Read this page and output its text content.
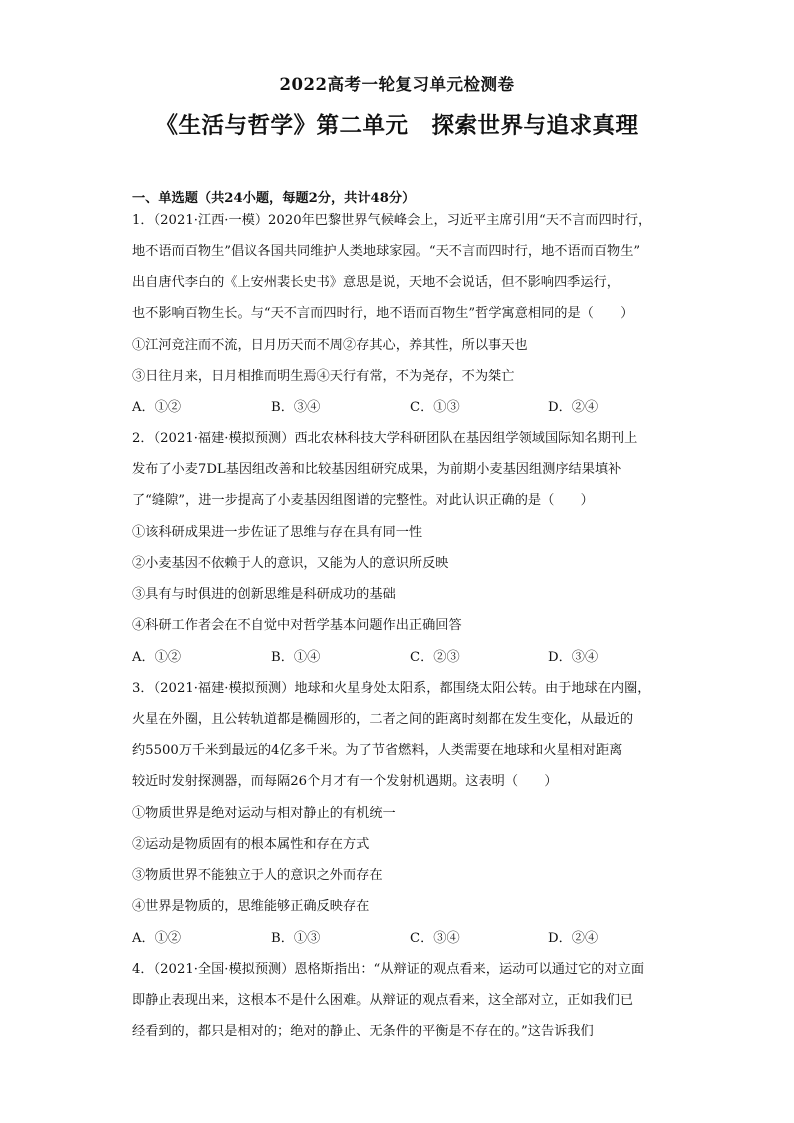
2022高考一轮复习单元检测卷
《生活与哲学》第二单元　探索世界与追求真理
一、单选题（共24小题，每题2分，共计48分）
1．（2021·江西·一模）2020年巴黎世界气候峰会上，习近平主席引用“天不言而四时行，
地不语而百物生”倡议各国共同维护人类地球家园。“天不言而四时行，地不语而百物生”
出自唐代李白的《上安州裴长史书》意思是说，天地不会说话，但不影响四季运行，
也不影响百物生长。与“天不言而四时行，地不语而百物生”哲学寓意相同的是（　　）
①江河竞注而不流，日月历天而不周②存其心，养其性，所以事天也
③日往月来，日月相推而明生焉④天行有常，不为尧存，不为桀亡
A．①②	B．③④	C．①③	D．②④
2．（2021·福建·模拟预测）西北农林科技大学科研团队在基因组学领域国际知名期刊上
发布了小麦7DL基因组改善和比较基因组研究成果，为前期小麦基因组测序结果填补
了“缝隙”，进一步提高了小麦基因组图谱的完整性。对此认识正确的是（　　）
①该科研成果进一步佐证了思维与存在具有同一性
②小麦基因不依赖于人的意识，又能为人的意识所反映
③具有与时俱进的创新思维是科研成功的基础
④科研工作者会在不自觉中对哲学基本问题作出正确回答
A．①②	B．①④	C．②③	D．③④
3．（2021·福建·模拟预测）地球和火星身处太阳系，都围绕太阳公转。由于地球在内圈，
火星在外圈，且公转轨道都是椭圆形的，二者之间的距离时刻都在发生变化，从最近的
约5500万千米到最远的4亿多千米。为了节省燃料，人类需要在地球和火星相对距离
较近时发射探测器，而每隔26个月才有一个发射机遇期。这表明（　　）
①物质世界是绝对运动与相对静止的有机统一
②运动是物质固有的根本属性和存在方式
③物质世界不能独立于人的意识之外而存在
④世界是物质的，思维能够正确反映存在
A．①②	B．①③	C．③④	D．②④
4．（2021·全国·模拟预测）恩格斯指出：“从辩证的观点看来，运动可以通过它的对立面
即静止表现出来，这根本不是什么困难。从辩证的观点看来，这全部对立，正如我们已
经看到的，都只是相对的；绝对的静止、无条件的平衡是不存在的。”这告诉我们
